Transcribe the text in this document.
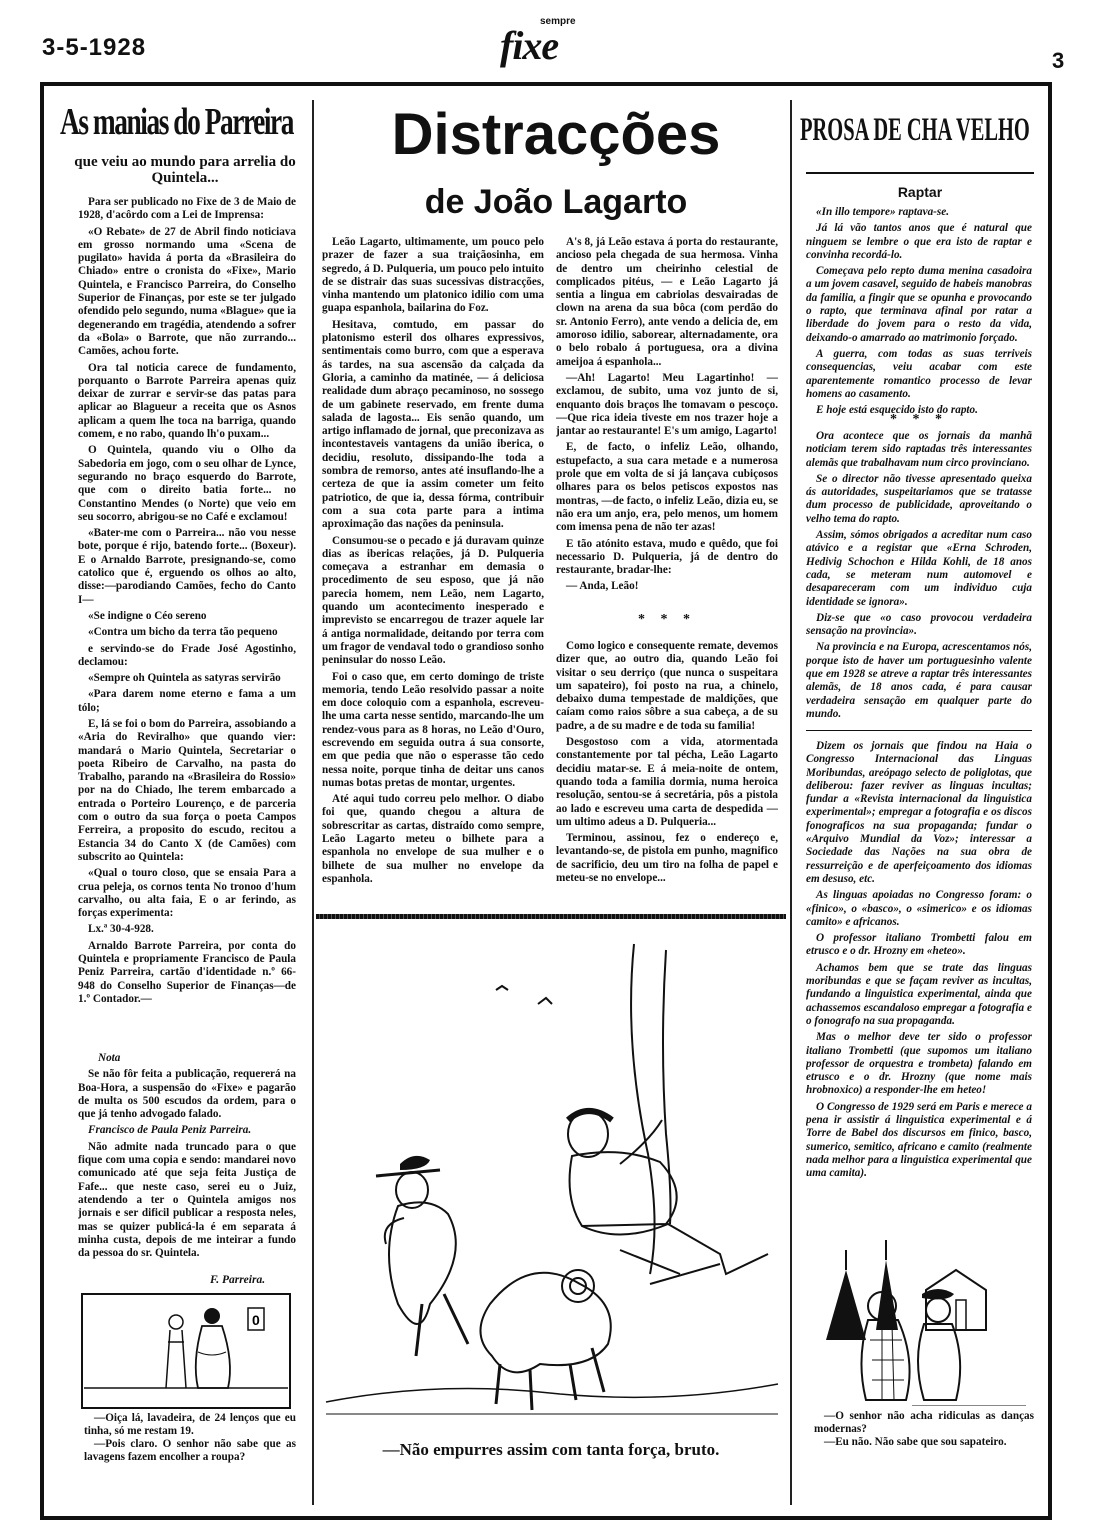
3-5-1928
sempre
fixe	3
As manias do Parreira
que veiu ao mundo para arrelia do Quintela...

Para ser publicado no Fixe de 3 de Maio de 1928, d'acôrdo com a Lei de Imprensa:

«O Rebate» de 27 de Abril findo noticiava em grosso normando uma «Scena de pugilato» havida á porta da «Brasileira do Chiado» entre o cronista do «Fixe», Mario Quintela, e Francisco Parreira, do Conselho Superior de Finanças, por este se ter julgado ofendido pelo segundo, numa «Blague» que ia degenerando em tragédia, atendendo a sofrer da «Bola» o Barrote, que não zurrando... Camões, achou forte.

Ora tal noticia carece de fundamento, porquanto o Barrote Parreira apenas quiz deixar de zurrar e servir-se das patas para aplicar ao Blagueur a receita que os Asnos aplicam a quem lhe toca na barriga, quando comem, e no rabo, quando lh'o puxam...

O Quintela, quando viu o Olho da Sabedoria em jogo, com o seu olhar de Lynce, segurando no braço esquerdo do Barrote, que com o direito batia forte... no Constantino Mendes (o Norte) que veio em seu socorro, abrigou-se no Café e exclamou!

«Bater-me com o Parreira... não vou nesse bote, porque é rijo, batendo forte... (Boxeur). E o Arnaldo Barrote, presignando-se, como catolico que é, erguendo os olhos ao alto, disse:—parodiando Camões, fecho do Canto I—

«Se indigne o Céo sereno

«Contra um bicho da terra tão pequeno

e servindo-se do Frade José Agostinho, declamou:

«Sempre oh Quintela as satyras servirão

«Para darem nome eterno e fama a um tólo;

E, lá se foi o bom do Parreira, assobiando a «Aria do Reviralho» que quando vier: mandará o Mario Quintela, Secretariar o poeta Ribeiro de Carvalho, na pasta do Trabalho, parando na «Brasileira do Rossio» por na do Chiado, lhe terem embarcado a entrada o Porteiro Lourenço, e de parceria com o outro da sua força o poeta Campos Ferreira, a proposito do escudo, recitou a Estancia 34 do Canto X (de Camões) com subscrito ao Quintela:

«Qual o touro closo, que se ensaia Para a crua peleja, os cornos tenta No tronoo d'hum carvalho, ou alta faia, E o ar ferindo, as forças experimenta:

Lx.ª 30-4-928.

Arnaldo Barrote Parreira, por conta do Quintela e propriamente Francisco de Paula Peniz Parreira, cartão d'identidade n.º 66-948 do Conselho Superior de Finanças—de 1.º Contador.—

Nota

Se não fôr feita a publicação, requererá na Boa-Hora, a suspensão do «Fixe» e pagarão de multa os 500 escudos da ordem, para o que já tenho advogado falado.

Francisco de Paula Peniz Parreira.

Não admite nada truncado para o que fique com uma copia e sendo: mandarei novo comunicado até que seja feita Justiça de Fafe... que neste caso, serei eu o Juiz, atendendo a ter o Quintela amigos nos jornais e ser dificil publicar a resposta neles, mas se quizer publicá-la é em separata á minha custa, depois de me inteirar a fundo da pessoa do sr. Quintela.

F. Parreira.
0

—Oiça lá, lavadeira, de 24 lenços que eu tinha, só me restam 19.

—Pois claro. O senhor não sabe que as lavagens fazem encolher a roupa?

Distracções
de João Lagarto

Leão Lagarto, ultimamente, um pouco pelo prazer de fazer a sua traiçãosinha, em segredo, á D. Pulqueria, um pouco pelo intuito de se distrair das suas sucessivas distracções, vinha mantendo um platonico idilio com uma guapa espanhola, bailarina do Foz.

Hesitava, comtudo, em passar do platonismo esteril dos olhares expressivos, sentimentais como burro, com que a esperava ás tardes, na sua ascensão da calçada da Gloria, a caminho da matinée, — á deliciosa realidade dum abraço pecaminoso, no sossego de um gabinete reservado, em frente duma salada de lagosta... Eis senão quando, um artigo inflamado de jornal, que preconizava as incontestaveis vantagens da união iberica, o decidiu, resoluto, dissipando-lhe toda a sombra de remorso, antes até insuflando-lhe a certeza de que ia assim cometer um feito patriotico, de que ia, dessa fórma, contribuir com a sua cota parte para a intima aproximação das nações da peninsula.

Consumou-se o pecado e já duravam quinze dias as ibericas relações, já D. Pulqueria começava a estranhar em demasia o procedimento de seu esposo, que já não parecia homem, nem Leão, nem Lagarto, quando um acontecimento inesperado e imprevisto se encarregou de trazer aquele lar á antiga normalidade, deitando por terra com um fragor de vendaval todo o grandioso sonho peninsular do nosso Leão.

Foi o caso que, em certo domingo de triste memoria, tendo Leão resolvido passar a noite em doce coloquio com a espanhola, escreveu-lhe uma carta nesse sentido, marcando-lhe um rendez-vous para as 8 horas, no Leão d'Ouro, escrevendo em seguida outra á sua consorte, em que pedia que não o esperasse tão cedo nessa noite, porque tinha de deitar uns canos numas botas pretas de montar, urgentes.

Até aqui tudo correu pelo melhor. O diabo foi que, quando chegou a altura de sobrescritar as cartas, distraído como sempre, Leão Lagarto meteu o bilhete para a espanhola no envelope de sua mulher e o bilhete de sua mulher no envelope da espanhola.

A's 8, já Leão estava á porta do restaurante, ancioso pela chegada de sua hermosa. Vinha de dentro um cheirinho celestial de complicados pitéus, — e Leão Lagarto já sentia a lingua em cabriolas desvairadas de clown na arena da sua bôca (com perdão do sr. Antonio Ferro), ante vendo a delicia de, em amoroso idilio, saborear, alternadamente, ora o belo robalo á portuguesa, ora a divina ameijoa á espanhola...

—Ah! Lagarto! Meu Lagartinho! — exclamou, de subito, uma voz junto de si, enquanto dois braços lhe tomavam o pescoço.—Que rica ideia tiveste em nos trazer hoje a jantar ao restaurante! E's um amigo, Lagarto!

E, de facto, o infeliz Leão, olhando, estupefacto, a sua cara metade e a numerosa prole que em volta de si já lançava cubiçosos olhares para os belos petiscos expostos nas montras, —de facto, o infeliz Leão, dizia eu, se não era um anjo, era, pelo menos, um homem com imensa pena de não ter azas!

E tão atónito estava, mudo e quêdo, que foi necessario D. Pulqueria, já de dentro do restaurante, bradar-lhe:

— Anda, Leão!

* * *

Como logico e consequente remate, devemos dizer que, ao outro dia, quando Leão foi visitar o seu derriço (que nunca o suspeitara um sapateiro), foi posto na rua, a chinelo, debaixo duma tempestade de maldições, que caíam como raios sôbre a sua cabeça, a de su padre, a de su madre e de toda su familia!

Desgostoso com a vida, atormentada constantemente por tal pécha, Leão Lagarto decidiu matar-se. E á meia-noite de ontem, quando toda a familia dormia, numa heroica resolução, sentou-se á secretária, pôs a pistola ao lado e escreveu uma carta de despedida — um ultimo adeus a D. Pulqueria...

Terminou, assinou, fez o endereço e, levantando-se, de pistola em punho, magnifico de sacrificio, deu um tiro na folha de papel e meteu-se no envelope...

—Não empurres assim com tanta força, bruto.
PROSA DE CHA VELHO
Raptar

«In illo tempore» raptava-se.

Já lá vão tantos anos que é natural que ninguem se lembre o que era isto de raptar e convinha recordá-lo.

Começava pelo repto duma menina casadoira a um jovem casavel, seguido de habeis manobras da familia, a fingir que se opunha e provocando o rapto, que terminava afinal por ratar a liberdade do jovem para o resto da vida, deixando-o amarrado ao matrimonio forçado.

A guerra, com todas as suas terriveis consequencias, veiu acabar com este aparentemente romantico processo de levar homens ao casamento.

E hoje está esquecido isto do rapto.

* * *

Ora acontece que os jornais da manhã noticiam terem sido raptadas três interessantes alemãs que trabalhavam num circo provinciano.

Se o director não tivesse apresentado queixa ás autoridades, suspeitariamos que se tratasse dum processo de publicidade, aproveitando o velho tema do rapto.

Assim, sómos obrigados a acreditar num caso atávico e a registar que «Erna Schroden, Hedivig Schochon e Hilda Kohli, de 18 anos cada, se meteram num automovel e desapareceram com um individuo cuja identidade se ignora».

Diz-se que «o caso provocou verdadeira sensação na provincia».

Na provincia e na Europa, acrescentamos nós, porque isto de haver um portuguesinho valente que em 1928 se atreve a raptar três interessantes alemãs, de 18 anos cada, é para causar verdadeira sensação em qualquer parte do mundo.

Dizem os jornais que findou na Haia o Congresso Internacional das Linguas Moribundas, areópago selecto de poliglotas, que deliberou: fazer reviver as linguas incultas; fundar a «Revista internacional da linguistica experimental»; empregar a fotografia e os discos fonograficos na sua propaganda; fundar o «Arquivo Mundial da Voz»; interessar a Sociedade das Nações na sua obra de ressurreição e de aperfeiçoamento dos idiomas em desuso, etc.

As linguas apoiadas no Congresso foram: o «finico», o «basco», o «simerico» e os idiomas camito» e africanos.

O professor italiano Trombetti falou em etrusco e o dr. Hrozny em «heteo».

Achamos bem que se trate das linguas moribundas e que se façam reviver as incultas, fundando a linguistica experimental, ainda que achassemos escandaloso empregar a fotografia e o fonografo na sua propaganda.

Mas o melhor deve ter sido o professor italiano Trombetti (que supomos um italiano professor de orquestra e trombeta) falando em etrusco e o dr. Hrozny (que nome mais hrobnoxico) a responder-lhe em heteo!

O Congresso de 1929 será em Paris e merece a pena ir assistir á linguistica experimental e á Torre de Babel dos discursos em finico, basco, sumerico, semitico, africano e camito (realmente nada melhor para a linguistica experimental que uma camita).

—O senhor não acha ridiculas as danças modernas?

—Eu não. Não sabe que sou sapateiro.
